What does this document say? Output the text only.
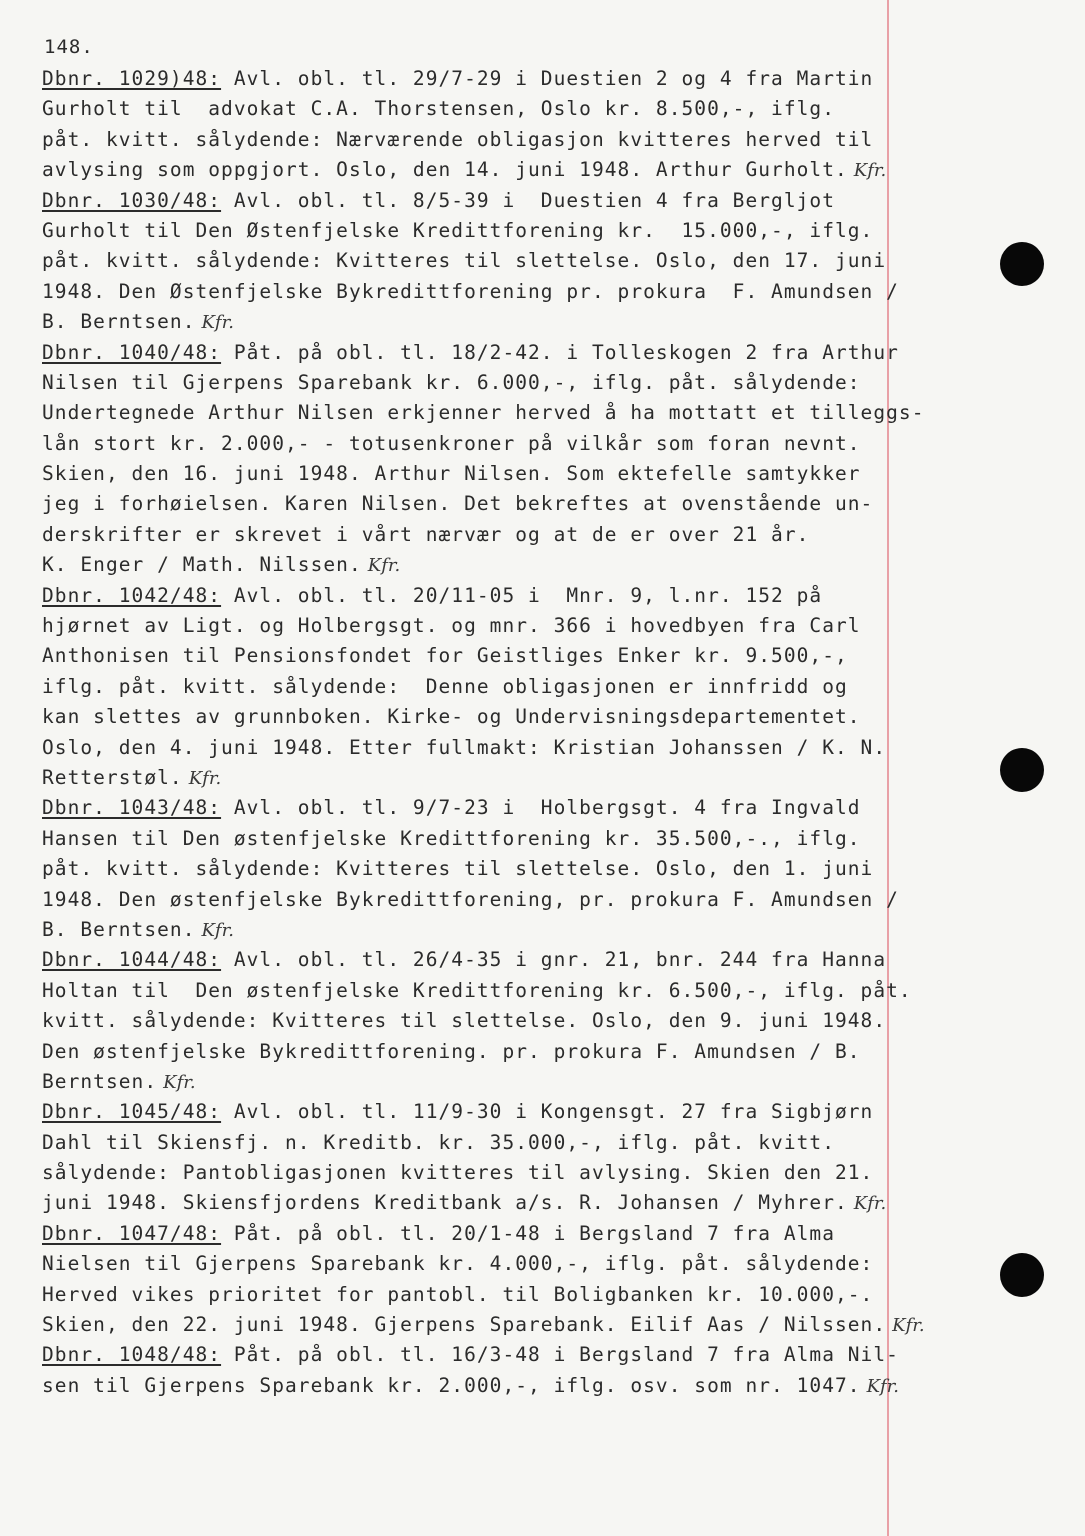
148.
Dbnr. 1029)48: Avl. obl. tl. 29/7-29 i Duestien 2 og 4 fra Martin
Gurholt til  advokat C.A. Thorstensen, Oslo kr. 8.500,-, iflg.
påt. kvitt. sålydende: Nærværende obligasjon kvitteres herved til
avlysing som oppgjort. Oslo, den 14. juni 1948. Arthur Gurholt. Kfr.
Dbnr. 1030/48: Avl. obl. tl. 8/5-39 i  Duestien 4 fra Bergljot
Gurholt til Den Østenfjelske Kredittforening kr.  15.000,-, iflg.
påt. kvitt. sålydende: Kvitteres til slettelse. Oslo, den 17. juni
1948. Den Østenfjelske Bykredittforening pr. prokura  F. Amundsen /
B. Berntsen. Kfr.
Dbnr. 1040/48: Påt. på obl. tl. 18/2-42. i Tolleskogen 2 fra Arthur
Nilsen til Gjerpens Sparebank kr. 6.000,-, iflg. påt. sålydende:
Undertegnede Arthur Nilsen erkjenner herved å ha mottatt et tilleggs-
lån stort kr. 2.000,- - totusenkroner på vilkår som foran nevnt.
Skien, den 16. juni 1948. Arthur Nilsen. Som ektefelle samtykker
jeg i forhøielsen. Karen Nilsen. Det bekreftes at ovenstående un-
derskrifter er skrevet i vårt nærvær og at de er over 21 år.
K. Enger / Math. Nilssen. Kfr.
Dbnr. 1042/48: Avl. obl. tl. 20/11-05 i  Mnr. 9, l.nr. 152 på
hjørnet av Ligt. og Holbergsgt. og mnr. 366 i hovedbyen fra Carl
Anthonisen til Pensionsfondet for Geistliges Enker kr. 9.500,-,
iflg. påt. kvitt. sålydende:  Denne obligasjonen er innfridd og
kan slettes av grunnboken. Kirke- og Undervisningsdepartementet.
Oslo, den 4. juni 1948. Etter fullmakt: Kristian Johanssen / K. N.
Retterstøl. Kfr.
Dbnr. 1043/48: Avl. obl. tl. 9/7-23 i  Holbergsgt. 4 fra Ingvald
Hansen til Den østenfjelske Kredittforening kr. 35.500,-., iflg.
påt. kvitt. sålydende: Kvitteres til slettelse. Oslo, den 1. juni
1948. Den østenfjelske Bykredittforening, pr. prokura F. Amundsen /
B. Berntsen. Kfr.
Dbnr. 1044/48: Avl. obl. tl. 26/4-35 i gnr. 21, bnr. 244 fra Hanna
Holtan til  Den østenfjelske Kredittforening kr. 6.500,-, iflg. påt.
kvitt. sålydende: Kvitteres til slettelse. Oslo, den 9. juni 1948.
Den østenfjelske Bykredittforening. pr. prokura F. Amundsen / B.
Berntsen. Kfr.
Dbnr. 1045/48: Avl. obl. tl. 11/9-30 i Kongensgt. 27 fra Sigbjørn
Dahl til Skiensfj. n. Kreditb. kr. 35.000,-, iflg. påt. kvitt.
sålydende: Pantobligasjonen kvitteres til avlysing. Skien den 21.
juni 1948. Skiensfjordens Kreditbank a/s. R. Johansen / Myhrer. Kfr.
Dbnr. 1047/48: Påt. på obl. tl. 20/1-48 i Bergsland 7 fra Alma
Nielsen til Gjerpens Sparebank kr. 4.000,-, iflg. påt. sålydende:
Herved vikes prioritet for pantobl. til Boligbanken kr. 10.000,-.
Skien, den 22. juni 1948. Gjerpens Sparebank. Eilif Aas / Nilssen. Kfr.
Dbnr. 1048/48: Påt. på obl. tl. 16/3-48 i Bergsland 7 fra Alma Nil-
sen til Gjerpens Sparebank kr. 2.000,-, iflg. osv. som nr. 1047. Kfr.
